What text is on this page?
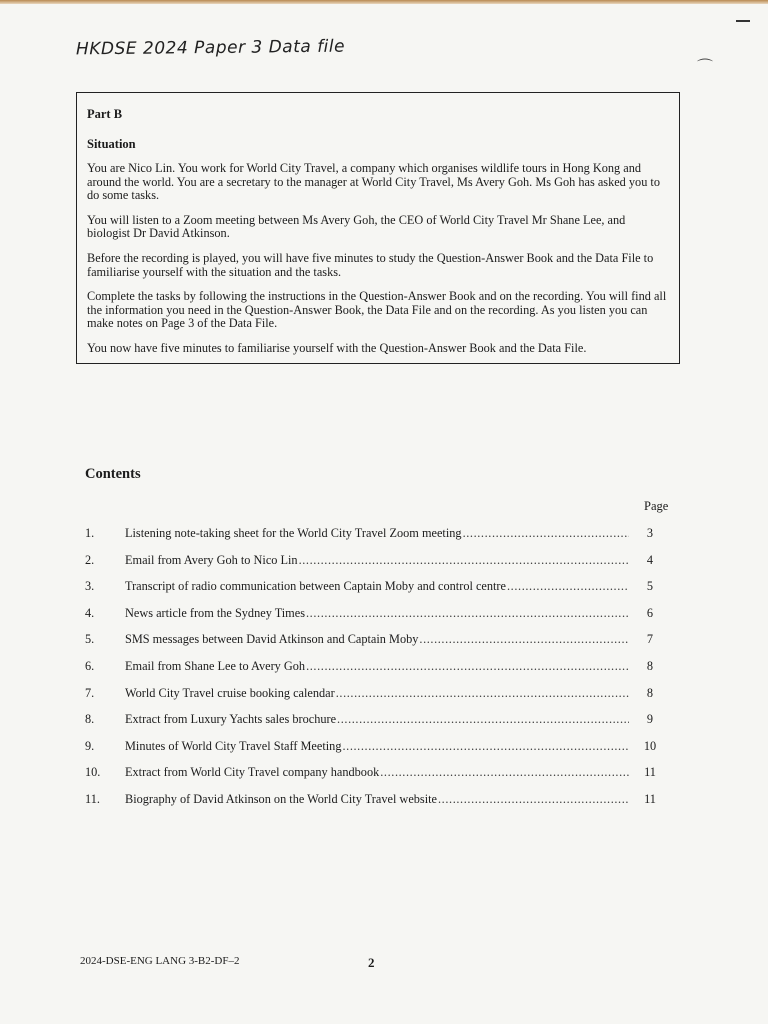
HKDSE 2024 Paper 3 Data file
⌒
Part B
Situation

You are Nico Lin. You work for World City Travel, a company which organises wildlife tours in Hong Kong and around the world. You are a secretary to the manager at World City Travel, Ms Avery Goh. Ms Goh has asked you to do some tasks.

You will listen to a Zoom meeting between Ms Avery Goh, the CEO of World City Travel Mr Shane Lee, and biologist Dr David Atkinson.

Before the recording is played, you will have five minutes to study the Question-Answer Book and the Data File to familiarise yourself with the situation and the tasks.

Complete the tasks by following the instructions in the Question-Answer Book and on the recording. You will find all the information you need in the Question-Answer Book, the Data File and on the recording. As you listen you can make notes on Page 3 of the Data File.

You now have five minutes to familiarise yourself with the Question-Answer Book and the Data File.

Contents
Page
1.	Listening note-taking sheet for the World City Travel Zoom meeting .....	3
2.	Email from Avery Goh to Nico Lin .....	4
3.	Transcript of radio communication between Captain Moby and control centre .....	5
4.	News article from the Sydney Times .....	6
5.	SMS messages between David Atkinson and Captain Moby .....	7
6.	Email from Shane Lee to Avery Goh .....	8
7.	World City Travel cruise booking calendar .....	8
8.	Extract from Luxury Yachts sales brochure .....	9
9.	Minutes of World City Travel Staff Meeting .....	10
10. Extract from World City Travel company handbook .....	11
11. Biography of David Atkinson on the World City Travel website .....	11
2024-DSE-ENG LANG 3-B2-DF–2	2
